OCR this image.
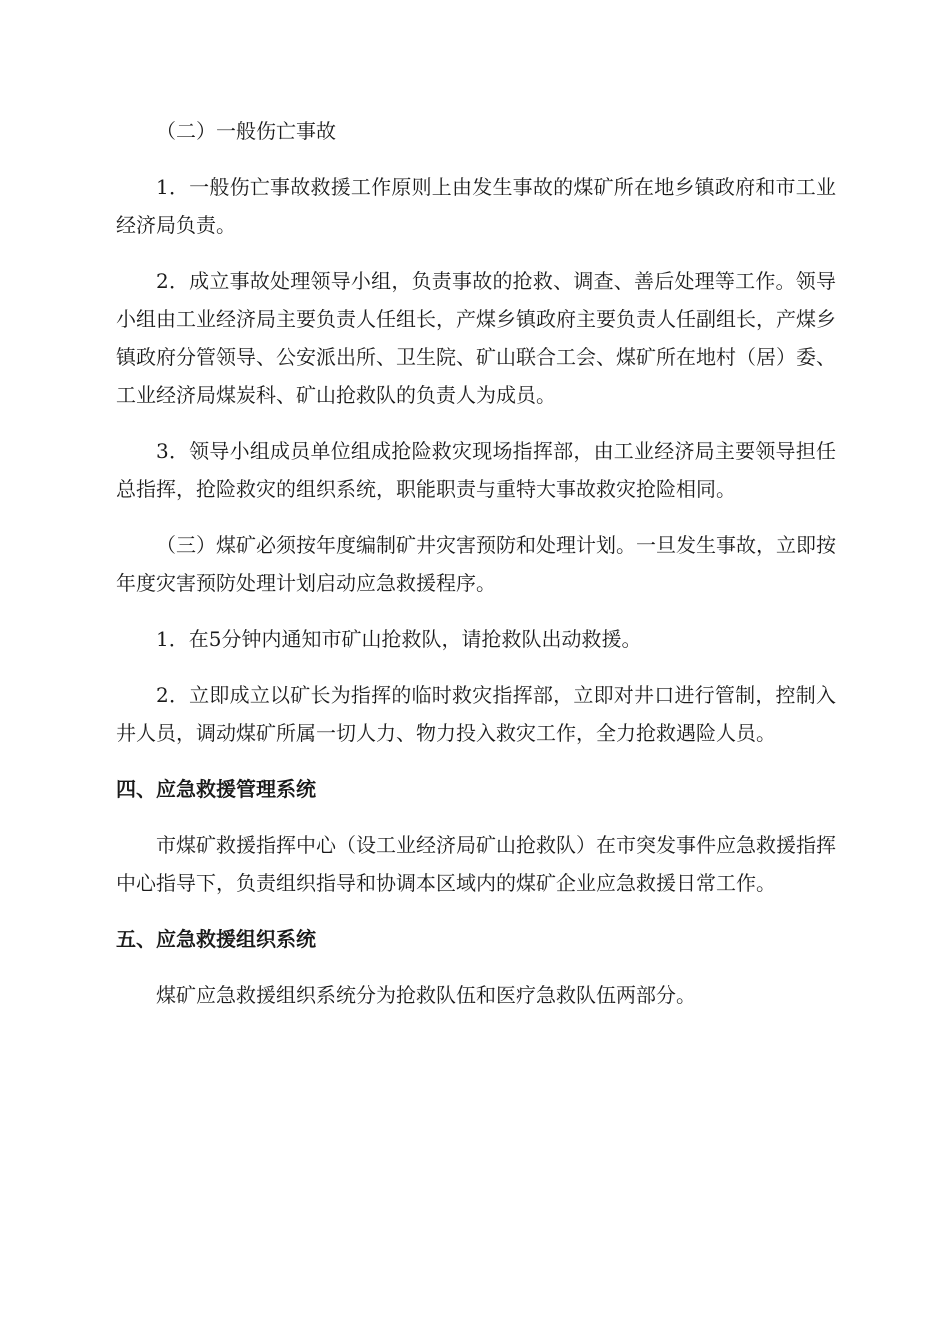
（二）一般伤亡事故

1．一般伤亡事故救援工作原则上由发生事故的煤矿所在地乡镇政府和市工业经济局负责。

2．成立事故处理领导小组，负责事故的抢救、调查、善后处理等工作。领导小组由工业经济局主要负责人任组长，产煤乡镇政府主要负责人任副组长，产煤乡镇政府分管领导、公安派出所、卫生院、矿山联合工会、煤矿所在地村（居）委、工业经济局煤炭科、矿山抢救队的负责人为成员。

3．领导小组成员单位组成抢险救灾现场指挥部，由工业经济局主要领导担任总指挥，抢险救灾的组织系统，职能职责与重特大事故救灾抢险相同。

（三）煤矿必须按年度编制矿井灾害预防和处理计划。一旦发生事故，立即按年度灾害预防处理计划启动应急救援程序。

1．在5分钟内通知市矿山抢救队，请抢救队出动救援。

2．立即成立以矿长为指挥的临时救灾指挥部，立即对井口进行管制，控制入井人员，调动煤矿所属一切人力、物力投入救灾工作，全力抢救遇险人员。

四、应急救援管理系统

市煤矿救援指挥中心（设工业经济局矿山抢救队）在市突发事件应急救援指挥中心指导下，负责组织指导和协调本区域内的煤矿企业应急救援日常工作。

五、应急救援组织系统

煤矿应急救援组织系统分为抢救队伍和医疗急救队伍两部分。
